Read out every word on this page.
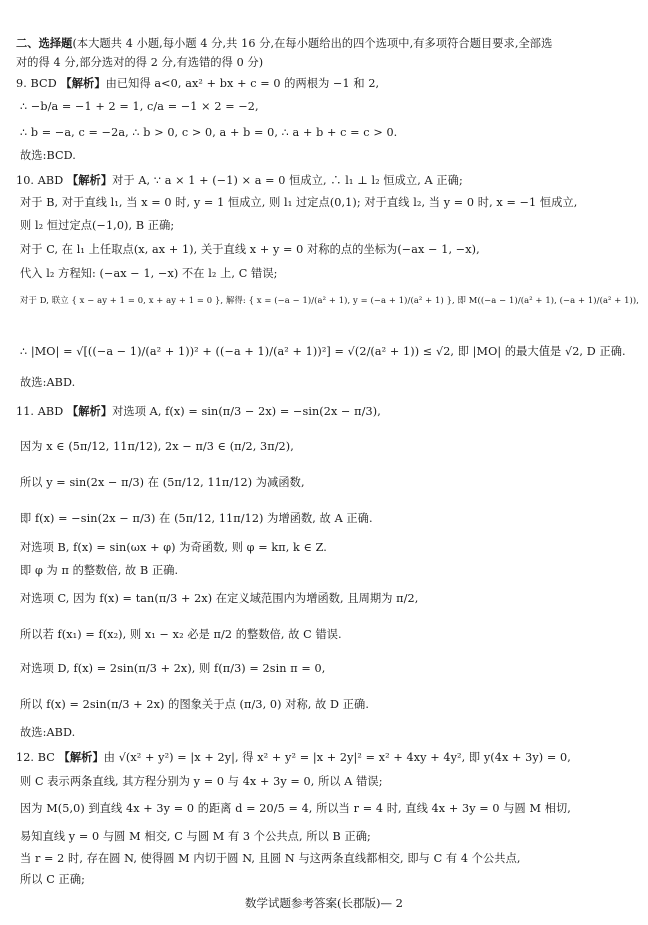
二、选择题(本大题共 4 小题,每小题 4 分,共 16 分,在每小题给出的四个选项中,有多项符合题目要求,全部选
对的得 4 分,部分选对的得 2 分,有选错的得 0 分)
9. BCD 【解析】由已知得 a<0, ax² + bx + c = 0 的两根为 −1 和 2,
∴ −b/a = −1 + 2 = 1, c/a = −1 × 2 = −2,
∴ b = −a, c = −2a, ∴ b > 0, c > 0, a + b = 0, ∴ a + b + c = c > 0.
故选:BCD.
10. ABD 【解析】对于 A, ∵ a × 1 + (−1) × a = 0 恒成立, ∴ l₁ ⊥ l₂ 恒成立, A 正确;
对于 B, 对于直线 l₁, 当 x = 0 时, y = 1 恒成立, 则 l₁ 过定点(0,1); 对于直线 l₂, 当 y = 0 时, x = −1 恒成立,
则 l₂ 恒过定点(−1,0), B 正确;
对于 C, 在 l₁ 上任取点(x, ax + 1), 关于直线 x + y = 0 对称的点的坐标为(−ax − 1, −x),
代入 l₂ 方程知: (−ax − 1, −x) 不在 l₂ 上, C 错误;
对于 D, 联立 { x − ay + 1 = 0, x + ay + 1 = 0 }, 解得: { x = (−a − 1)/(a² + 1), y = (−a + 1)/(a² + 1) }, 即 M((−a − 1)/(a² + 1), (−a + 1)/(a² + 1)),
∴ |MO| = √[((−a − 1)/(a² + 1))² + ((−a + 1)/(a² + 1))²] = √(2/(a² + 1)) ≤ √2, 即 |MO| 的最大值是 √2, D 正确.
故选:ABD.
11. ABD 【解析】对选项 A, f(x) = sin(π/3 − 2x) = −sin(2x − π/3),
因为 x ∈ (5π/12, 11π/12), 2x − π/3 ∈ (π/2, 3π/2),
所以 y = sin(2x − π/3) 在 (5π/12, 11π/12) 为减函数,
即 f(x) = −sin(2x − π/3) 在 (5π/12, 11π/12) 为增函数, 故 A 正确.
对选项 B, f(x) = sin(ωx + φ) 为奇函数, 则 φ = kπ, k ∈ Z.
即 φ 为 π 的整数倍, 故 B 正确.
对选项 C, 因为 f(x) = tan(π/3 + 2x) 在定义域范围内为增函数, 且周期为 π/2,
所以若 f(x₁) = f(x₂), 则 x₁ − x₂ 必是 π/2 的整数倍, 故 C 错误.
对选项 D, f(x) = 2sin(π/3 + 2x), 则 f(π/3) = 2sin π = 0,
所以 f(x) = 2sin(π/3 + 2x) 的图象关于点 (π/3, 0) 对称, 故 D 正确.
故选:ABD.
12. BC 【解析】由 √(x² + y²) = |x + 2y|, 得 x² + y² = |x + 2y|² = x² + 4xy + 4y², 即 y(4x + 3y) = 0,
则 C 表示两条直线, 其方程分别为 y = 0 与 4x + 3y = 0, 所以 A 错误;
因为 M(5,0) 到直线 4x + 3y = 0 的距离 d = 20/5 = 4, 所以当 r = 4 时, 直线 4x + 3y = 0 与圆 M 相切,
易知直线 y = 0 与圆 M 相交, C 与圆 M 有 3 个公共点, 所以 B 正确;
当 r = 2 时, 存在圆 N, 使得圆 M 内切于圆 N, 且圆 N 与这两条直线都相交, 即与 C 有 4 个公共点,
所以 C 正确;
数学试题参考答案(长郡版)— 2
